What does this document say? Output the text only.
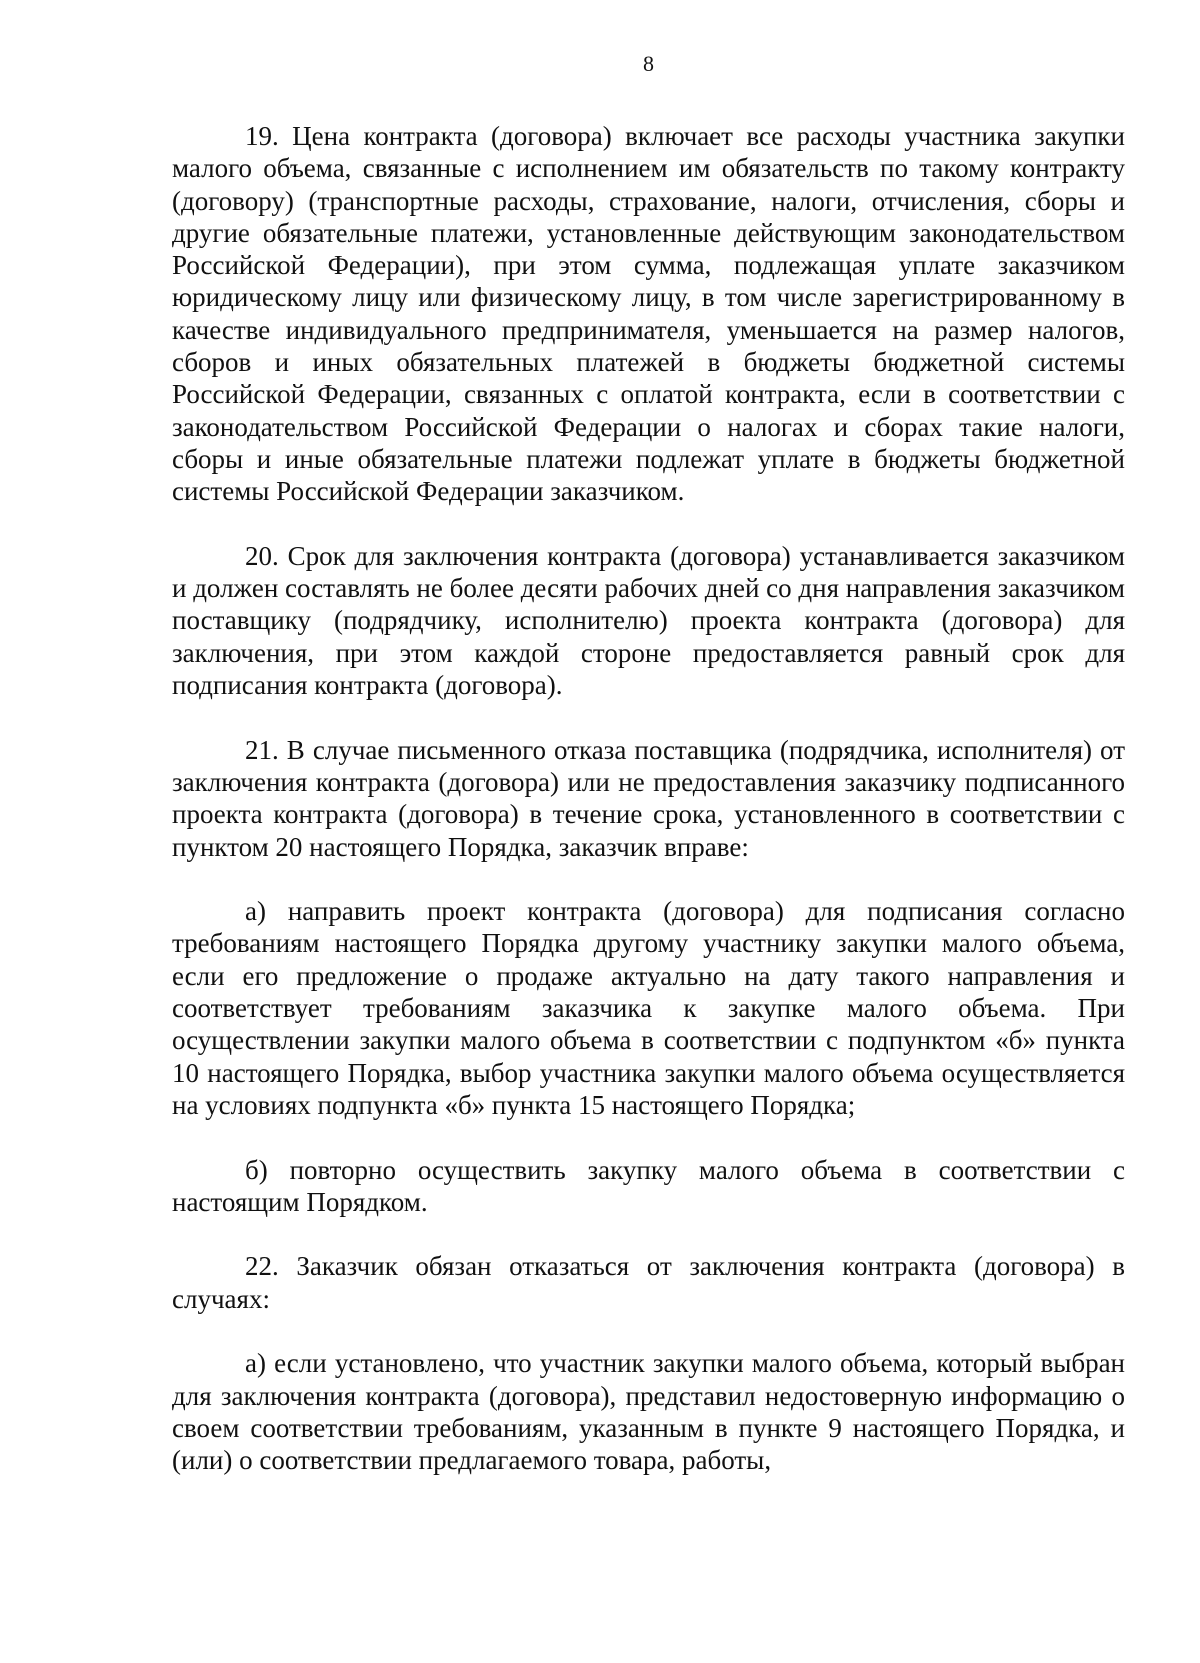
8

19. Цена контракта (договора) включает все расходы участника закупки малого объема, связанные с исполнением им обязательств по такому контракту (договору) (транспортные расходы, страхование, налоги, отчисления, сборы и другие обязательные платежи, установленные действующим законодательством Российской Федерации), при этом сумма, подлежащая уплате заказчиком юридическому лицу или физическому лицу, в том числе зарегистрированному в качестве индивидуального предпринимателя, уменьшается на размер налогов, сборов и иных обязательных платежей в бюджеты бюджетной системы Российской Федерации, связанных с оплатой контракта, если в соответствии с законодательством Российской Федерации о налогах и сборах такие налоги, сборы и иные обязательные платежи подлежат уплате в бюджеты бюджетной системы Российской Федерации заказчиком.

20. Срок для заключения контракта (договора) устанавливается заказчиком и должен составлять не более десяти рабочих дней со дня направления заказчиком поставщику (подрядчику, исполнителю) проекта контракта (договора) для заключения, при этом каждой стороне предоставляется равный срок для подписания контракта (договора).

21. В случае письменного отказа поставщика (подрядчика, исполнителя) от заключения контракта (договора) или не предоставления заказчику подписанного проекта контракта (договора) в течение срока, установленного в соответствии с пунктом 20 настоящего Порядка, заказчик вправе:

а) направить проект контракта (договора) для подписания согласно требованиям настоящего Порядка другому участнику закупки малого объема, если его предложение о продаже актуально на дату такого направления и соответствует требованиям заказчика к закупке малого объема. При осуществлении закупки малого объема в соответствии с подпунктом «б» пункта 10 настоящего Порядка, выбор участника закупки малого объема осуществляется на условиях подпункта «б» пункта 15 настоящего Порядка;

б) повторно осуществить закупку малого объема в соответствии с настоящим Порядком.

22. Заказчик обязан отказаться от заключения контракта (договора) в случаях:

а) если установлено, что участник закупки малого объема, который выбран для заключения контракта (договора), представил недостоверную информацию о своем соответствии требованиям, указанным в пункте 9 настоящего Порядка, и (или) о соответствии предлагаемого товара, работы,
